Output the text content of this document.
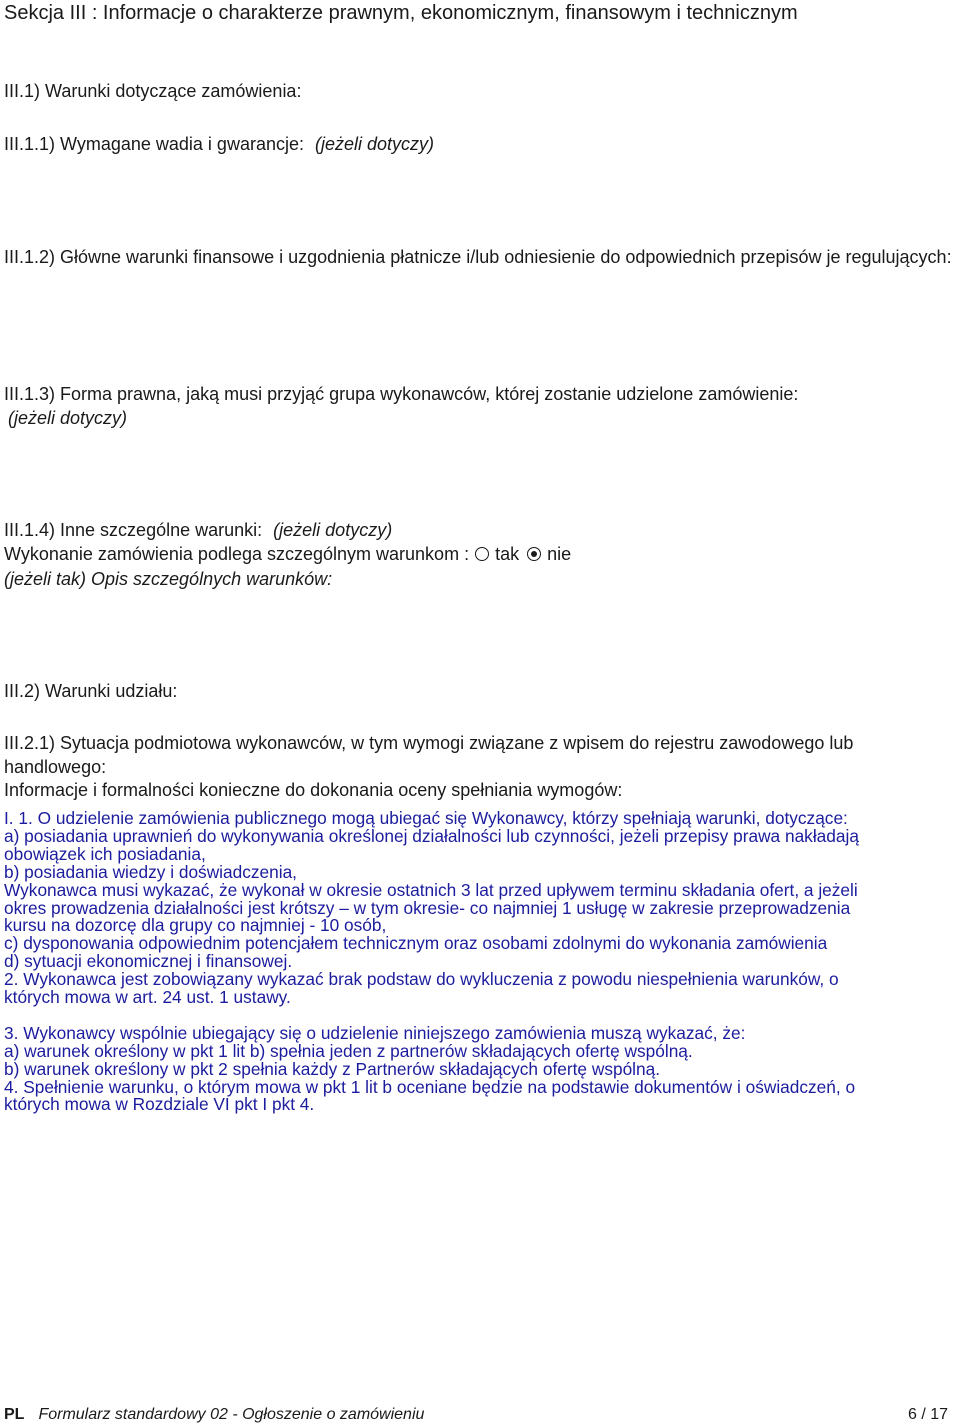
Sekcja III : Informacje o charakterze prawnym, ekonomicznym, finansowym i technicznym
III.1) Warunki dotyczące zamówienia:
III.1.1) Wymagane wadia i gwarancje: (jeżeli dotyczy)
III.1.2) Główne warunki finansowe i uzgodnienia płatnicze i/lub odniesienie do odpowiednich przepisów je regulujących:
III.1.3) Forma prawna, jaką musi przyjąć grupa wykonawców, której zostanie udzielone zamówienie:
(jeżeli dotyczy)
III.1.4) Inne szczególne warunki: (jeżeli dotyczy)
Wykonanie zamówienia podlega szczególnym warunkom : tak nie
(jeżeli tak) Opis szczególnych warunków:
III.2) Warunki udziału:
III.2.1) Sytuacja podmiotowa wykonawców, w tym wymogi związane z wpisem do rejestru zawodowego lub handlowego:
Informacje i formalności konieczne do dokonania oceny spełniania wymogów:
I. 1. O udzielenie zamówienia publicznego mogą ubiegać się Wykonawcy, którzy spełniają warunki, dotyczące:
a) posiadania uprawnień do wykonywania określonej działalności lub czynności, jeżeli przepisy prawa nakładają
obowiązek ich posiadania,
b) posiadania wiedzy i doświadczenia,
Wykonawca musi wykazać, że wykonał w okresie ostatnich 3 lat przed upływem terminu składania ofert, a jeżeli
okres prowadzenia działalności jest krótszy – w tym okresie- co najmniej 1 usługę w zakresie przeprowadzenia
kursu na dozorcę dla grupy co najmniej - 10 osób,
c) dysponowania odpowiednim potencjałem technicznym oraz osobami zdolnymi do wykonania zamówienia
d) sytuacji ekonomicznej i finansowej.
2. Wykonawca jest zobowiązany wykazać brak podstaw do wykluczenia z powodu niespełnienia warunków, o
których mowa w art. 24 ust. 1 ustawy.
3. Wykonawcy wspólnie ubiegający się o udzielenie niniejszego zamówienia muszą wykazać, że:
a) warunek określony w pkt 1 lit b) spełnia jeden z partnerów składających ofertę wspólną.
b) warunek określony w pkt 2 spełnia każdy z Partnerów składających ofertę wspólną.
4. Spełnienie warunku, o którym mowa w pkt 1 lit b oceniane będzie na podstawie dokumentów i oświadczeń, o
których mowa w Rozdziale VI pkt I pkt 4.
PL Formularz standardowy 02 - Ogłoszenie o zamówieniu	6 / 17
